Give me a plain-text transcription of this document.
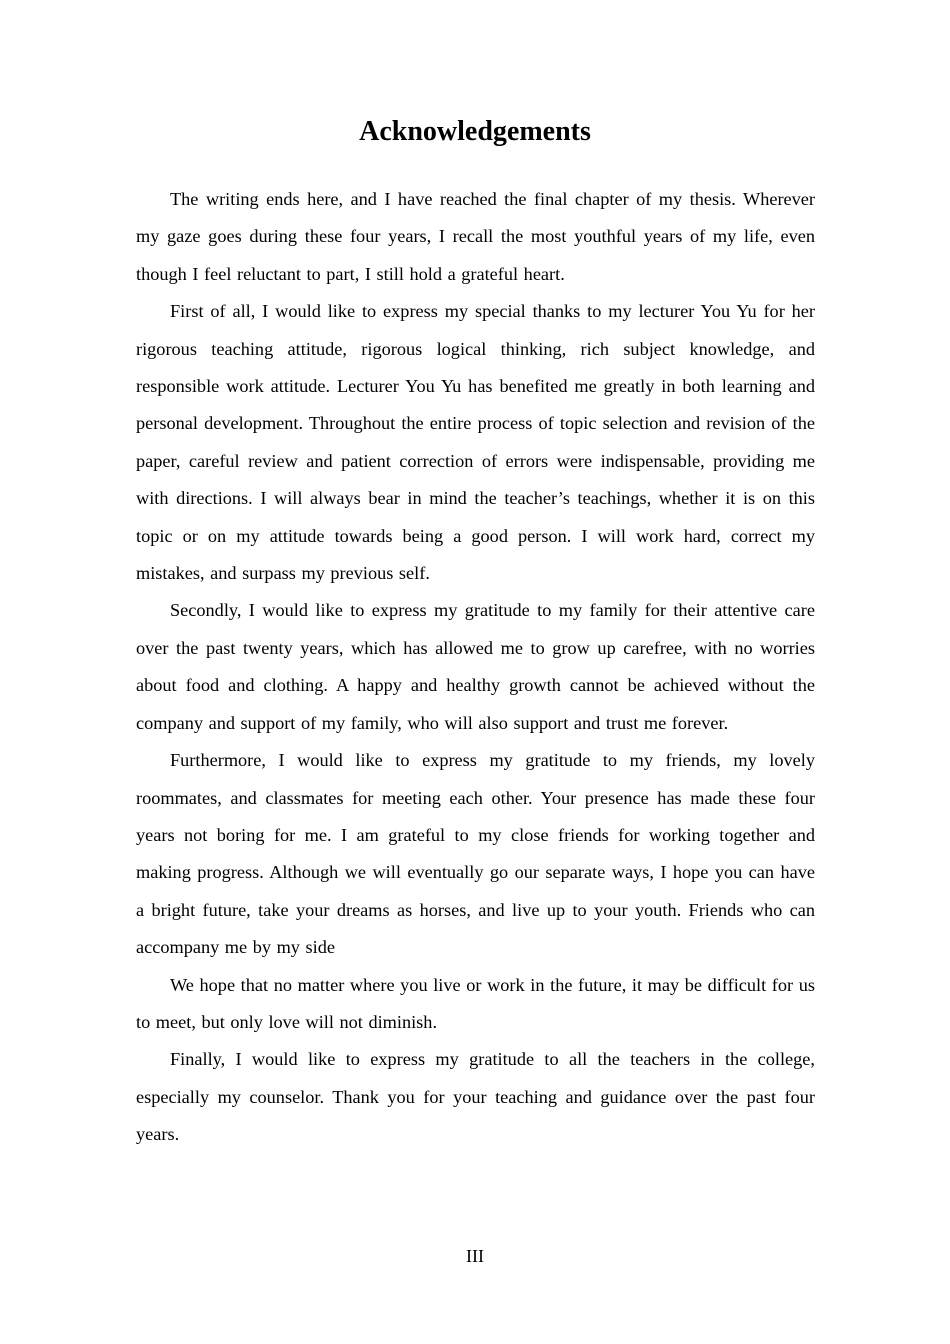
Acknowledgements

The writing ends here, and I have reached the final chapter of my thesis. Wherever my gaze goes during these four years, I recall the most youthful years of my life, even though I feel reluctant to part, I still hold a grateful heart.

First of all, I would like to express my special thanks to my lecturer You Yu for her rigorous teaching attitude, rigorous logical thinking, rich subject knowledge, and responsible work attitude. Lecturer You Yu has benefited me greatly in both learning and personal development. Throughout the entire process of topic selection and revision of the paper, careful review and patient correction of errors were indispensable, providing me with directions. I will always bear in mind the teacher’s teachings, whether it is on this topic or on my attitude towards being a good person. I will work hard, correct my mistakes, and surpass my previous self.

Secondly, I would like to express my gratitude to my family for their attentive care over the past twenty years, which has allowed me to grow up carefree, with no worries about food and clothing. A happy and healthy growth cannot be achieved without the company and support of my family, who will also support and trust me forever.

Furthermore, I would like to express my gratitude to my friends, my lovely roommates, and classmates for meeting each other. Your presence has made these four years not boring for me. I am grateful to my close friends for working together and making progress. Although we will eventually go our separate ways, I hope you can have a bright future, take your dreams as horses, and live up to your youth. Friends who can accompany me by my side

We hope that no matter where you live or work in the future, it may be difficult for us to meet, but only love will not diminish.

Finally, I would like to express my gratitude to all the teachers in the college, especially my counselor. Thank you for your teaching and guidance over the past four years.

III
